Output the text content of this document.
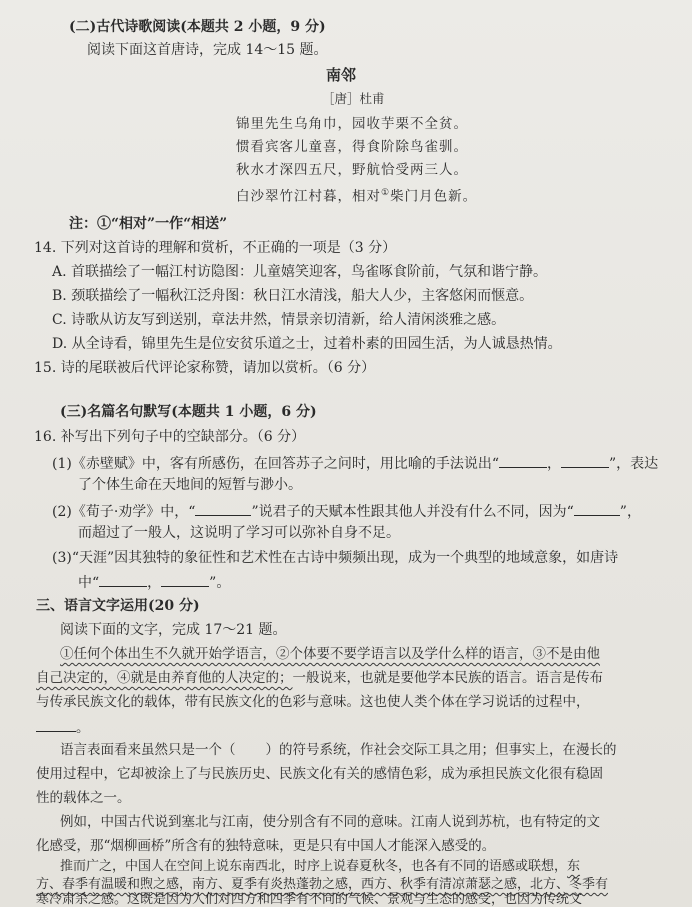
(二)古代诗歌阅读(本题共 2 小题，9 分)
阅读下面这首唐诗，完成 14～15 题。
南邻
［唐］杜甫
锦里先生乌角巾，园收芋栗不全贫。
惯看宾客儿童喜，得食阶除鸟雀驯。
秋水才深四五尺，野航恰受两三人。
白沙翠竹江村暮，相对①柴门月色新。
注：①“相对”一作“相送”
14. 下列对这首诗的理解和赏析，不正确的一项是（3 分）
A. 首联描绘了一幅江村访隐图：儿童嬉笑迎客，鸟雀啄食阶前，气氛和谐宁静。
B. 颈联描绘了一幅秋江泛舟图：秋日江水清浅，船大人少，主客悠闲而惬意。
C. 诗歌从访友写到送别，章法井然，情景亲切清新，给人清闲淡雅之感。
D. 从全诗看，锦里先生是位安贫乐道之士，过着朴素的田园生活，为人诚恳热情。
15. 诗的尾联被后代评论家称赞，请加以赏析。（6 分）
(三)名篇名句默写(本题共 1 小题，6 分)
16. 补写出下列句子中的空缺部分。（6 分）
(1)《赤壁赋》中，客有所感伤，在回答苏子之问时，用比喻的手法说出“	，	”，表达
了个体生命在天地间的短暂与渺小。
(2)《荀子·劝学》中，“	”说君子的天赋本性跟其他人并没有什么不同，因为“	”，
而超过了一般人，这说明了学习可以弥补自身不足。
(3)“天涯”因其独特的象征性和艺术性在古诗中频频出现，成为一个典型的地域意象，如唐诗
中“	，	”。
三、语言文字运用(20 分)
阅读下面的文字，完成 17～21 题。
①任何个体出生不久就开始学语言，②个体要不要学语言以及学什么样的语言，③不是由他
自己决定的，④就是由养育他的人决定的；一般说来，也就是要他学本民族的语言。语言是传布
与传承民族文化的载体，带有民族文化的色彩与意味。这也使人类个体在学习说话的过程中，
。
语言表面看来虽然只是一个（ ）的符号系统，作社会交际工具之用；但事实上，在漫长的
使用过程中，它却被涂上了与民族历史、民族文化有关的感情色彩，成为承担民族文化很有稳固
性的载体之一。
例如，中国古代说到塞北与江南，使分别含有不同的意味。江南人说到苏杭，也有特定的文
化感受，那“烟柳画桥”所含有的独特意味，更是只有中国人才能深入感受的。
推而广之，中国人在空间上说东南西北，时序上说春夏秋冬，也各有不同的语感或联想，东
方、春季有温暖和煦之感，南方、夏季有炎热蓬勃之感，西方、秋季有清凉萧瑟之感，北方、冬季有
寒冷肃杀之感。这既是因为人们对四方和四季有不同的气候、景观与生态的感受，也因为传统文
